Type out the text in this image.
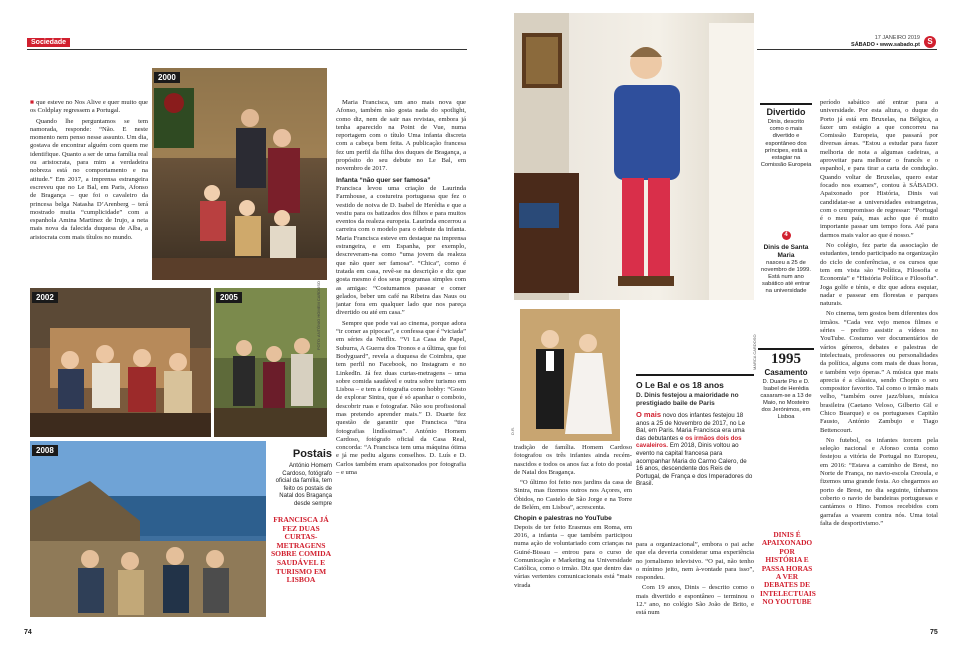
Sociedade

■ que esteve no Nos Alive e quer muito que os Coldplay regressem a Portugal.

Quando lhe perguntamos se tem namorada, responde: “Não. E neste momento nem penso nesse assunto. Um dia, gostava de encontrar alguém com quem me identifique. Quanto a ser de uma família real ou aristocrata, para mim a verdadeira nobreza está no comportamento e na atitude.” Em 2017, a imprensa estrangeira escreveu que no Le Bal, em Paris, Afonso de Bragança – que foi o cavaleiro da princesa belga Natasha D’Arenberg – terá mostrado muita “cumplicidade” com a espanhola Amina Martinez de Irujo, a neta mais nova da falecida duquesa de Alba, a aristocrata com mais títulos no mundo.

2000
2002	2005	FOTO: ANTÓNIO HOMEM CARDOSO
2008	Postais
António Homem Cardoso, fotógrafo oficial da família, tem feito os postais de Natal dos Bragança desde sempre
FRANCISCA JÁ FEZ DUAS CURTAS-METRAGENS SOBRE COMIDA SAUDÁVEL E TURISMO EM LISBOA

Maria Francisca, um ano mais nova que Afonso, também não gosta nada do spotlight, como diz, nem de sair nas revistas, embora já tenha aparecido na Point de Vue, numa reportagem com o título Uma infanta discreta com a cabeça bem feita. A publicação francesa fez um perfil da filha dos duques de Bragança, a propósito do seu debute no Le Bal, em novembro de 2017.

Infanta “não quer ser famosa”

Francisca levou uma criação de Laurinda Farmhouse, a costureira portuguesa que fez o vestido de noiva de D. Isabel de Herédia e que a vestiu para os batizados dos filhos e para muitos eventos da realeza europeia. Laurinda encerrou a carreira com o modelo para o debute da infanta. Maria Francisca esteve em destaque na imprensa estrangeira, e em Espanha, por exemplo, descreveram-na como “uma jovem da realeza que não quer ser famosa”. “Chica”, como é tratada em casa, revê-se na descrição e diz que gosta mesmo é dos seus programas simples com as amigas: “Costumamos passear e comer gelados, beber um café na Ribeira das Naus ou jantar fora em qualquer lado que nos pareça divertido ou até em casa.”

Sempre que pode vai ao cinema, porque adora “ir comer as pipocas”, e confessa que é “viciada” em séries da Netflix. “Vi La Casa de Papel, Suburra, A Guerra dos Tronos e a última, que foi Bodyguard”, revela a duquesa de Coimbra, que tem perfil no Facebook, no Instagram e no LinkedIn. Já fez duas curtas-metragens – uma sobre comida saudável e outra sobre turismo em Lisboa – e tem a fotografia como hobby: “Gosto de explorar Sintra, que é só apanhar o comboio, descobrir ruas e fotografar. Não sou profissional mas pretendo aprender mais.” D. Duarte fez questão de garantir que Francisca “tira fotografias lindíssimas”. António Homem Cardoso, fotógrafo oficial da Casa Real, concorda: “A Francisca tem uma máquina ótima e já me pediu alguns conselhos. D. Luís e D. Carlos também eram apaixonados por fotografia – e uma

74
17 JANEIRO 2019
SÁBADO • www.sabado.pt S
D.R.
MARCA CARDOSO
O Le Bal e os 18 anos
D. Dinis festejou a maioridade no prestigiado baile de Paris
O mais novo dos infantes festejou 18 anos a 25 de Novembro de 2017, no Le Bal, em Paris. Maria Francisca era uma das debutantes e os irmãos dois dos cavaleiros. Em 2018, Dinis voltou ao evento na capital francesa para acompanhar Maria do Carmo Calero, de 16 anos, descendente dos Reis de Portugal, de França e dos Imperadores do Brasil.

tradição de família. Homem Cardoso fotografou os três infantes ainda recém-nascidos e todos os anos faz a foto do postal de Natal dos Bragança.

“O último foi feito nos jardins da casa de Sintra, mas fizemos outros nos Açores, em Óbidos, no Castelo de São Jorge e na Torre de Belém, em Lisboa”, acrescenta.

Chopin e palestras no YouTube

Depois de ter feito Erasmus em Roma, em 2016, a infanta – que também participou numa ação de voluntariado com crianças na Guiné-Bissau – entrou para o curso de Comunicação e Marketing na Universidade Católica, como o irmão. Diz que dentro das várias vertentes comunicacionais está “mais virada

para a organizacional”, embora o pai ache que ela deveria considerar uma experiência no jornalismo televisivo. “O pai, não tenho o mínimo jeito, nem à-vontade para isso”, respondeu.

Com 19 anos, Dinis – descrito como o mais divertido e espontâneo – terminou o 12.º ano, no colégio São João de Brito, e está num

Divertido
Dinis, descrito como o mais divertido e espontâneo dos príncipes, está a estagiar na Comissão Europeia
4
Dinis de Santa Maria
nasceu a 25 de novembro de 1999. Está num ano sabático até entrar na universidade
1995
Casamento
D. Duarte Pio e D. Isabel de Herédia casaram-se a 13 de Maio, no Mosteiro dos Jerónimos, em Lisboa
DINIS É APAIXONADO POR HISTÓRIA E PASSA HORAS A VER DEBATES DE INTELECTUAIS NO YOUTUBE

período sabático até entrar para a universidade. Por esta altura, o duque do Porto já está em Bruxelas, na Bélgica, a fazer um estágio a que concorreu na Comissão Europeia, que passará por diversas áreas. “Estou a estudar para fazer melhoria de nota a algumas cadeiras, a aproveitar para melhorar o francês e o espanhol, e para tirar a carta de condução. Quando voltar de Bruxelas, quero estar focado nos exames”, contou à SÁBADO. Apaixonado por História, Dinis vai candidatar-se a universidades estrangeiras, com o compromisso de regressar: “Portugal é o meu país, mas acho que é muito importante passar um tempo fora. Até para darmos mais valor ao que é nosso.”

No colégio, fez parte da associação de estudantes, tendo participado na organização do ciclo de conferências, e os cursos que tem em vista são “Política, Filosofia e Economia” e “História Política e Filosofia”. Joga golfe e ténis, e diz que adora esquiar, nadar e passear em florestas e parques naturais.

No cinema, tem gostos bem diferentes dos irmãos. “Cada vez vejo menos filmes e séries – prefiro assistir a vídeos no YouTube. Costumo ver documentários de vários géneros, debates e palestras de intelectuais, professores ou personalidades da política, alguns com mais de duas horas, e também vejo óperas.” A música que mais aprecia é a clássica, sendo Chopin o seu compositor favorito. Tal como o irmão mais velho, “também ouve jazz/blues, música brasileira (Caetano Veloso, Gilberto Gil e Chico Buarque) e os portugueses Capitão Fausto, António Zambujo e Tiago Bettencourt.

No futebol, os infantes torcem pela seleção nacional e Afonso conta como festejou a vitória de Portugal no Europeu, em 2016: “Estava a caminho de Brest, no Norte de França, no navio-escola Creoula, e fizemos uma grande festa. Ao chegarmos ao porto de Brest, no dia seguinte, tínhamos coberto o navio de bandeiras portuguesas e cantámos o Hino. Fomos recebidos com garrafas a voarem contra nós. Uma total falta de desportivismo.”

75
